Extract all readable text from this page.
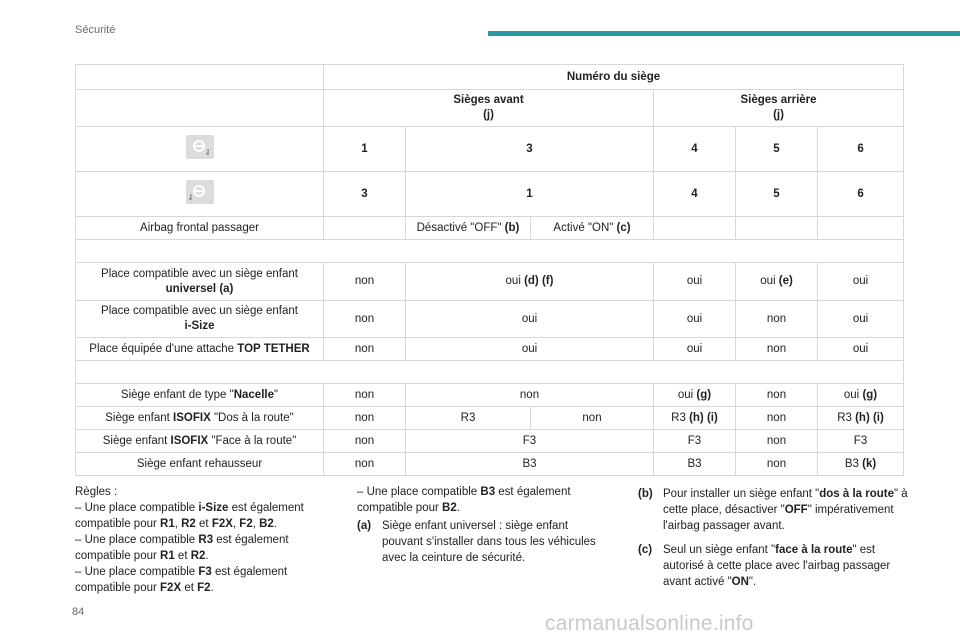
Sécurité
	Numéro du siège					
	Sièges avant
(j)			Sièges arrière
(j)		

⇃	1	3		4	5	6

⇃	3	1		4	5	6
Airbag frontal passager		Désactivé "OFF" (b)	Activé "ON" (c)			

Place compatible avec un siège enfant
universel (a)	non	oui (d) (f)		oui	oui (e)	oui
Place compatible avec un siège enfant
i-Size	non	oui		oui	non	oui
Place équipée d'une attache TOP TETHER	non	oui		oui	non	oui

Siège enfant de type "Nacelle"	non	non		oui (g)	non	oui (g)
Siège enfant ISOFIX "Dos à la route"	non	R3	non	R3 (h) (i)	non	R3 (h) (i)
Siège enfant ISOFIX "Face à la route"	non	F3		F3	non	F3
Siège enfant rehausseur	non	B3		B3	non	B3 (k)
Règles :
– Une place compatible i-Size est également compatible pour R1, R2 et F2X, F2, B2.
– Une place compatible R3 est également compatible pour R1 et R2.
– Une place compatible F3 est également compatible pour F2X et F2.
– Une place compatible B3 est également compatible pour B2.
(a) Siège enfant universel : siège enfant pouvant s'installer dans tous les véhicules avec la ceinture de sécurité.
(b) Pour installer un siège enfant "dos à la route" à cette place, désactiver "OFF" impérativement l'airbag passager avant.
(c) Seul un siège enfant "face à la route" est autorisé à cette place avec l'airbag passager avant activé "ON".
84	carmanualsonline.info
